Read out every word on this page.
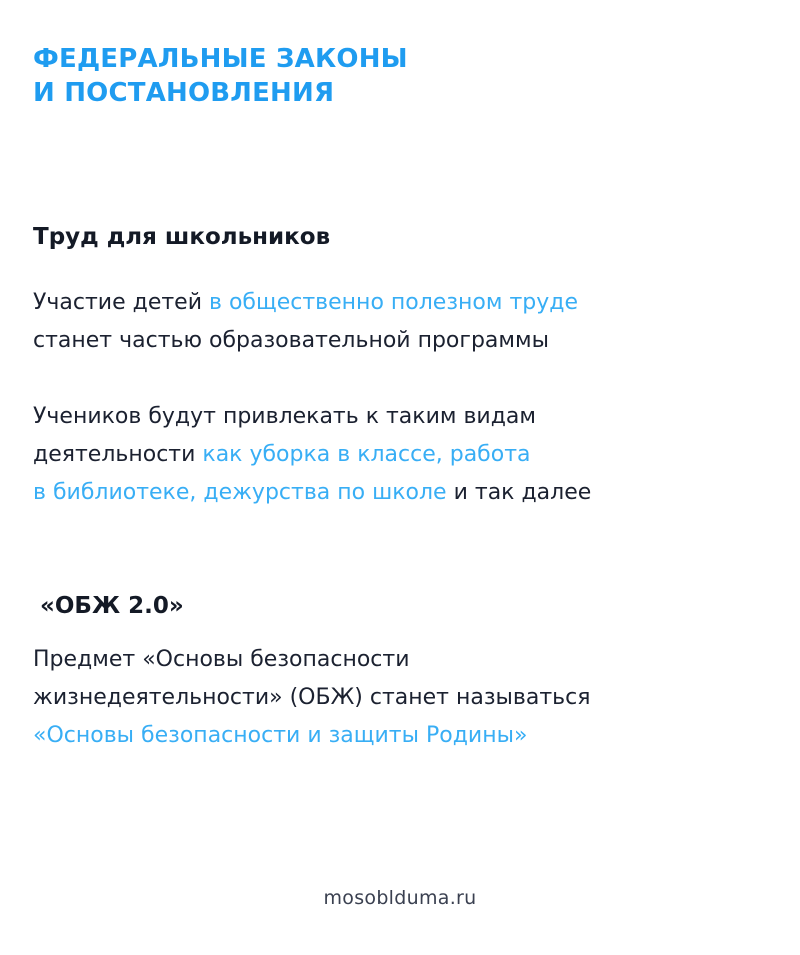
ФЕДЕРАЛЬНЫЕ ЗАКОНЫ
И ПОСТАНОВЛЕНИЯ
Труд для школьников

Участие детей в общественно полезном труде
станет частью образовательной программы

Учеников будут привлекать к таким видам
деятельности как уборка в классе, работа
в библиотеке, дежурства по школе и так далее

«ОБЖ 2.0»

Предмет «Основы безопасности
жизнедеятельности» (ОБЖ) станет называться
«Основы безопасности и защиты Родины»

mosobldumа.ru
